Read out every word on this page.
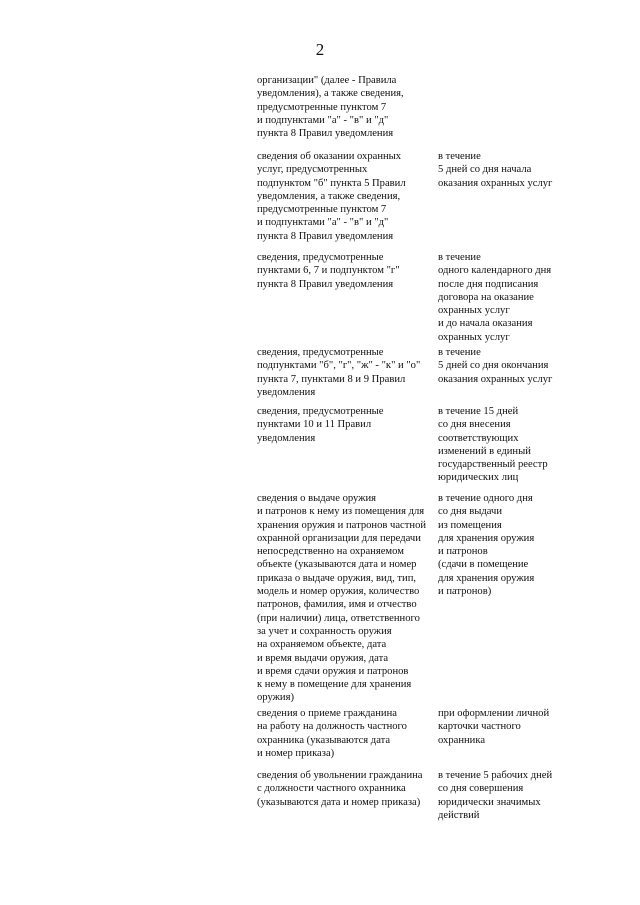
2
организации" (далее - Правила
уведомления), а также сведения,
предусмотренные пунктом 7
и подпунктами "а" - "в" и "д"
пункта 8 Правил уведомления
сведения об оказании охранных
услуг, предусмотренных
подпунктом "б" пункта 5 Правил
уведомления, а также сведения,
предусмотренные пунктом 7
и подпунктами "а" - "в" и "д"
пункта 8 Правил уведомления
в течение
5 дней со дня начала
оказания охранных услуг
сведения, предусмотренные
пунктами 6, 7 и подпунктом "г"
пункта 8 Правил уведомления
в течение
одного календарного дня
после дня подписания
договора на оказание
охранных услуг
и до начала оказания
охранных услуг
сведения, предусмотренные
подпунктами "б", "г", "ж" - "к" и "о"
пункта 7, пунктами 8 и 9 Правил
уведомления
в течение
5 дней со дня окончания
оказания охранных услуг
сведения, предусмотренные
пунктами 10 и 11 Правил
уведомления
в течение 15 дней
со дня внесения
соответствующих
изменений в единый
государственный реестр
юридических лиц
сведения о выдаче оружия
и патронов к нему из помещения для
хранения оружия и патронов частной
охранной организации для передачи
непосредственно на охраняемом
объекте (указываются дата и номер
приказа о выдаче оружия, вид, тип,
модель и номер оружия, количество
патронов, фамилия, имя и отчество
(при наличии) лица, ответственного
за учет и сохранность оружия
на охраняемом объекте, дата
и время выдачи оружия, дата
и время сдачи оружия и патронов
к нему в помещение для хранения
оружия)
в течение одного дня
со дня выдачи
из помещения
для хранения оружия
и патронов
(сдачи в помещение
для хранения оружия
и патронов)
сведения о приеме гражданина
на работу на должность частного
охранника (указываются дата
и номер приказа)
при оформлении личной
карточки частного
охранника
сведения об увольнении гражданина
с должности частного охранника
(указываются дата и номер приказа)
в течение 5 рабочих дней
со дня совершения
юридически значимых
действий
